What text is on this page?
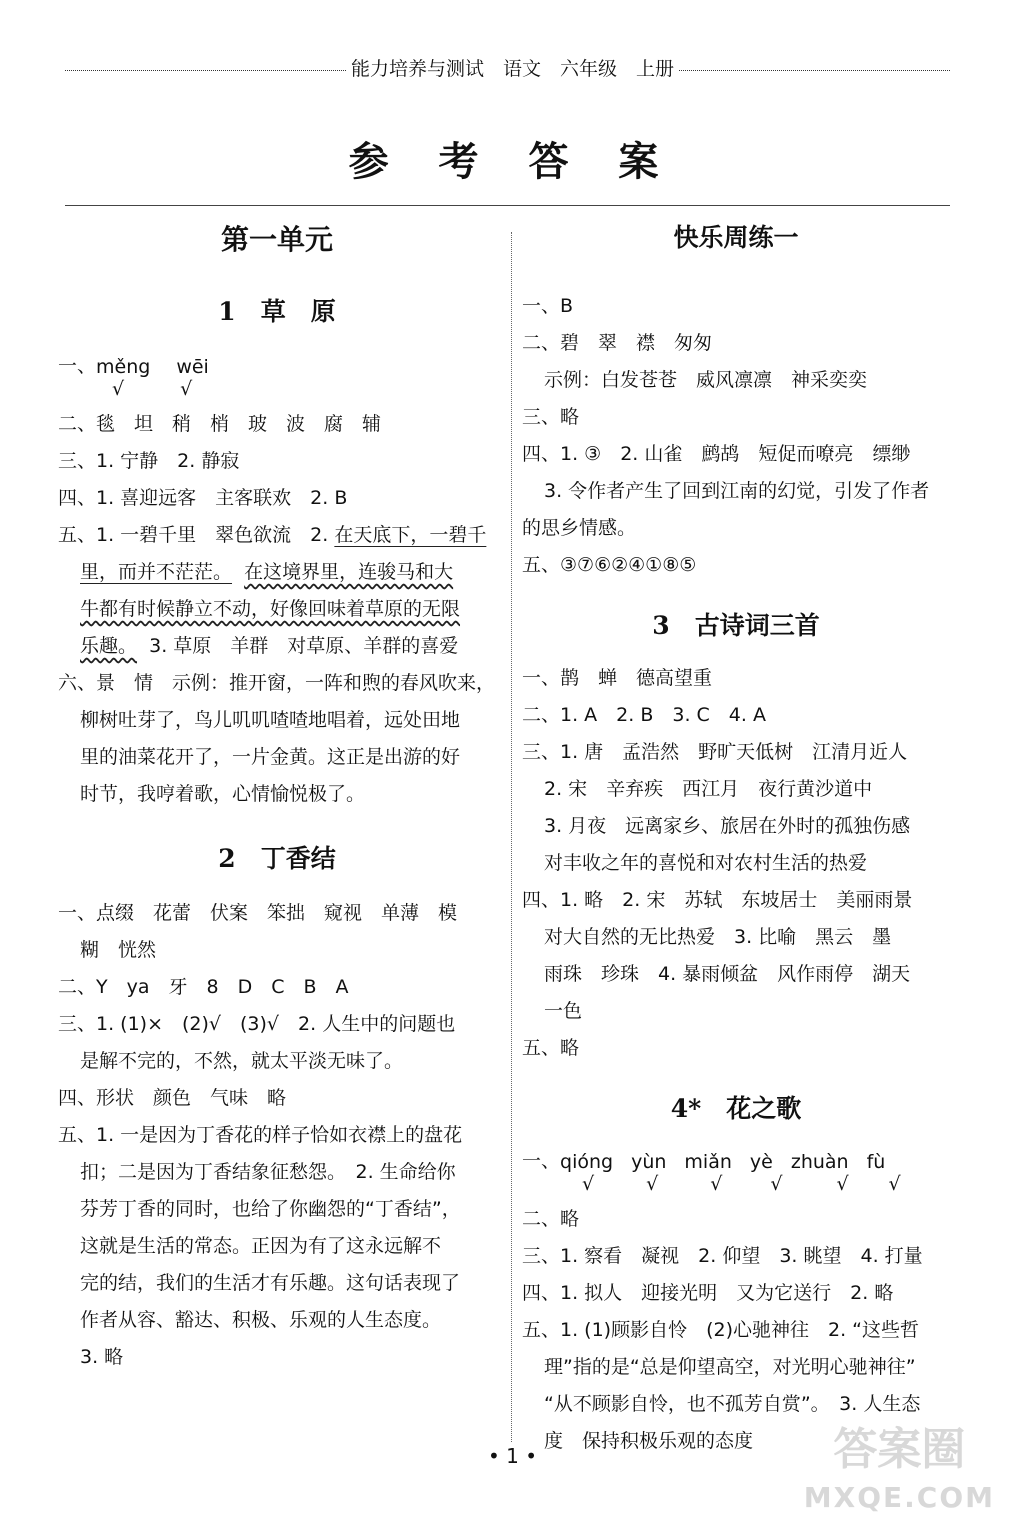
能力培养与测试　语文　六年级　上册
参 考 答 案
第一单元
1　草　原
一、 měng wēi
√	√
二、毯　坦　稍　梢　玻　波　腐　辅
三、1. 宁静　2. 静寂
四、1. 喜迎远客　主客联欢　2. B
五、1. 一碧千里　翠色欲流　2. 在天底下，一碧千
里，而并不茫茫。 在这境界里，连骏马和大
牛都有时候静立不动，好像回味着草原的无限
乐趣。 3. 草原　羊群　对草原、羊群的喜爱
六、景　情　示例：推开窗，一阵和煦的春风吹来，
柳树吐芽了，鸟儿叽叽喳喳地唱着，远处田地
里的油菜花开了，一片金黄。这正是出游的好
时节，我哼着歌，心情愉悦极了。
2　丁香结
一、点缀　花蕾　伏案　笨拙　窥视　单薄　模
糊　恍然
二、Y　ya　牙　8　D　C　B　A
三、1. (1)×　(2)√　(3)√　2. 人生中的问题也
是解不完的，不然，就太平淡无味了。
四、形状　颜色　气味　略
五、1. 一是因为丁香花的样子恰如衣襟上的盘花
扣；二是因为丁香结象征愁怨。　2. 生命给你
芬芳丁香的同时，也给了你幽怨的“丁香结”，
这就是生活的常态。正因为有了这永远解不
完的结，我们的生活才有乐趣。这句话表现了
作者从容、豁达、积极、乐观的人生态度。
3. 略
快乐周练一
一、B
二、碧　翠　襟　匆匆
示例：白发苍苍　威风凛凛　神采奕奕
三、略
四、1. ③　2. 山雀　鹧鸪　短促而嘹亮　缥缈
3. 令作者产生了回到江南的幻觉，引发了作者
的思乡情感。
五、③⑦⑥②④①⑧⑤
3　古诗词三首
一、鹊　蝉　德高望重
二、1. A　2. B　3. C　4. A
三、1. 唐　孟浩然　野旷天低树　江清月近人
2. 宋　辛弃疾　西江月　夜行黄沙道中
3. 月夜　远离家乡、旅居在外时的孤独伤感
对丰收之年的喜悦和对农村生活的热爱
四、1. 略　2. 宋　苏轼　东坡居士　美丽雨景
对大自然的无比热爱　3. 比喻　黑云　墨
雨珠　珍珠　4. 暴雨倾盆　风作雨停　湖天
一色
五、略
4*　花之歌
一、 qióng yùn miǎn yè zhuàn fù
√	√	√	√	√ √
二、略
三、1. 察看　凝视　2. 仰望　3. 眺望　4. 打量
四、1. 拟人　迎接光明　又为它送行　2. 略
五、1. (1)顾影自怜　(2)心驰神往　2. “这些哲
理”指的是“总是仰望高空，对光明心驰神往”
“从不顾影自怜，也不孤芳自赏”。　3. 人生态
度　保持积极乐观的态度
• 1 •	答案圈
MXQE.COM
